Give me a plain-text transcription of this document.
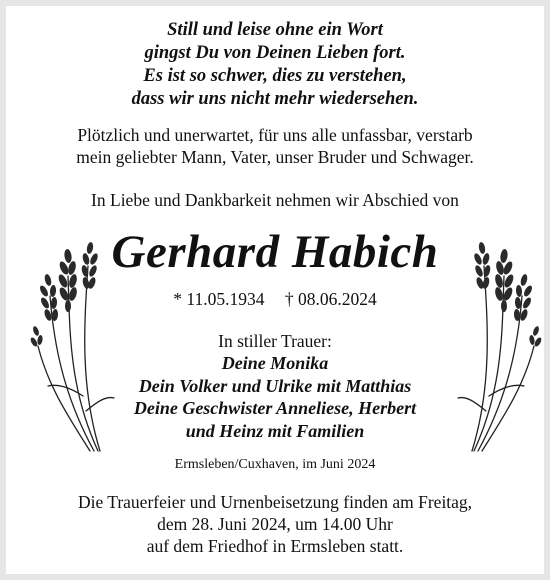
Still und leise ohne ein Wort
gingst Du von Deinen Lieben fort.
Es ist so schwer, dies zu verstehen,
dass wir uns nicht mehr wiedersehen.
Plötzlich und unerwartet, für uns alle unfassbar, verstarb
mein geliebter Mann, Vater, unser Bruder und Schwager.
In Liebe und Dankbarkeit nehmen wir Abschied von
Gerhard Habich
* 11.05.1934 † 08.06.2024
In stiller Trauer:
Deine Monika
Dein Volker und Ulrike mit Matthias
Deine Geschwister Anneliese, Herbert
und Heinz mit Familien
Ermsleben/Cuxhaven, im Juni 2024
Die Trauerfeier und Urnenbeisetzung finden am Freitag,
dem 28. Juni 2024, um 14.00 Uhr
auf dem Friedhof in Ermsleben statt.
